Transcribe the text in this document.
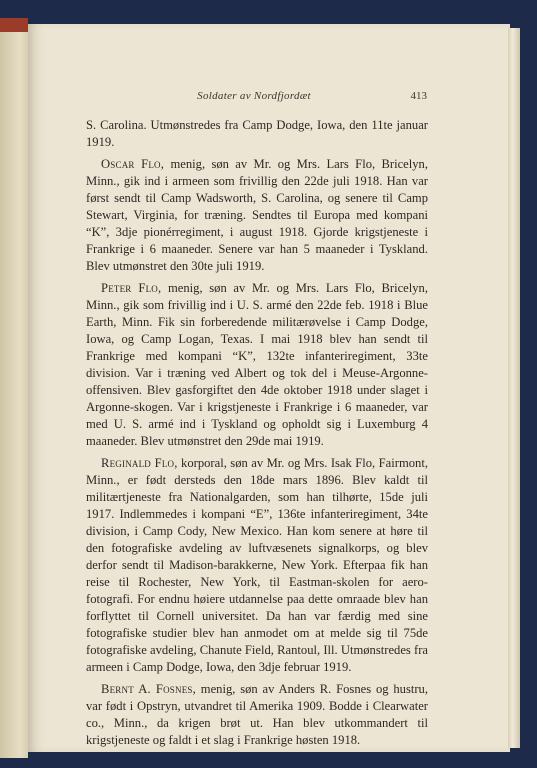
Soldater av Nordfjordæt	413

S. Carolina. Utmønstredes fra Camp Dodge, Iowa, den 11te januar 1919.

Oscar Flo, menig, søn av Mr. og Mrs. Lars Flo, Bricelyn, Minn., gik ind i armeen som frivillig den 22de juli 1918. Han var først sendt til Camp Wadsworth, S. Carolina, og senere til Camp Stewart, Virginia, for træning. Sendtes til Europa med kompani “K”, 3dje pionérregiment, i august 1918. Gjorde krigstjeneste i Frankrige i 6 maaneder. Senere var han 5 maaneder i Tyskland. Blev utmønstret den 30te juli 1919.

Peter Flo, menig, søn av Mr. og Mrs. Lars Flo, Bricelyn, Minn., gik som frivillig ind i U. S. armé den 22de feb. 1918 i Blue Earth, Minn. Fik sin forberedende militærøvelse i Camp Dodge, Iowa, og Camp Logan, Texas. I mai 1918 blev han sendt til Frankrige med kompani “K”, 132te infanteriregiment, 33te division. Var i træning ved Albert og tok del i Meuse-Argonne-offensiven. Blev gasforgiftet den 4de oktober 1918 under slaget i Argonne-skogen. Var i krigstjeneste i Frankrige i 6 maaneder, var med U. S. armé ind i Tyskland og opholdt sig i Luxemburg 4 maaneder. Blev utmønstret den 29de mai 1919.

Reginald Flo, korporal, søn av Mr. og Mrs. Isak Flo, Fairmont, Minn., er født dersteds den 18de mars 1896. Blev kaldt til militærtjeneste fra Nationalgarden, som han tilhørte, 15de juli 1917. Indlemmedes i kompani “E”, 136te infanteriregiment, 34te division, i Camp Cody, New Mexico. Han kom senere at høre til den fotografiske avdeling av luftvæsenets signalkorps, og blev derfor sendt til Madison-barakkerne, New York. Efterpaa fik han reise til Rochester, New York, til Eastman-skolen for aero-fotografi. For endnu høiere utdannelse paa dette omraade blev han forflyttet til Cornell universitet. Da han var færdig med sine fotografiske studier blev han anmodet om at melde sig til 75de fotografiske avdeling, Chanute Field, Rantoul, Ill. Utmønstredes fra armeen i Camp Dodge, Iowa, den 3dje februar 1919.

Bernt A. Fosnes, menig, søn av Anders R. Fosnes og hustru, var født i Opstryn, utvandret til Amerika 1909. Bodde i Clearwater co., Minn., da krigen brøt ut. Han blev utkommandert til krigstjeneste og faldt i et slag i Frankrige høsten 1918.
